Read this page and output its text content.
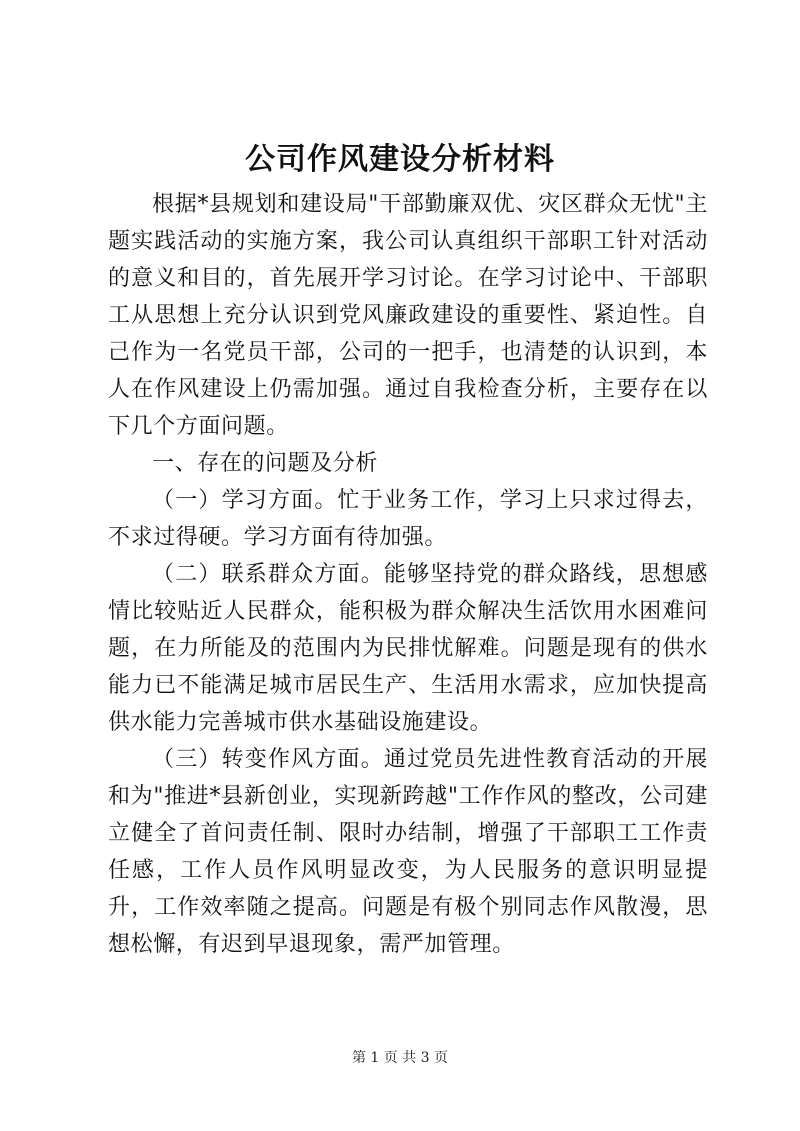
公司作风建设分析材料

根据*县规划和建设局"干部勤廉双优、灾区群众无忧"主题实践活动的实施方案，我公司认真组织干部职工针对活动的意义和目的，首先展开学习讨论。在学习讨论中、干部职工从思想上充分认识到党风廉政建设的重要性、紧迫性。自己作为一名党员干部，公司的一把手，也清楚的认识到，本人在作风建设上仍需加强。通过自我检查分析，主要存在以下几个方面问题。

一、存在的问题及分析

（一）学习方面。忙于业务工作，学习上只求过得去，不求过得硬。学习方面有待加强。

（二）联系群众方面。能够坚持党的群众路线，思想感情比较贴近人民群众，能积极为群众解决生活饮用水困难问题，在力所能及的范围内为民排忧解难。问题是现有的供水能力已不能满足城市居民生产、生活用水需求，应加快提高供水能力完善城市供水基础设施建设。

（三）转变作风方面。通过党员先进性教育活动的开展和为"推进*县新创业，实现新跨越"工作作风的整改，公司建立健全了首问责任制、限时办结制，增强了干部职工工作责任感，工作人员作风明显改变，为人民服务的意识明显提升，工作效率随之提高。问题是有极个别同志作风散漫，思想松懈，有迟到早退现象，需严加管理。

第 1 页 共 3 页
